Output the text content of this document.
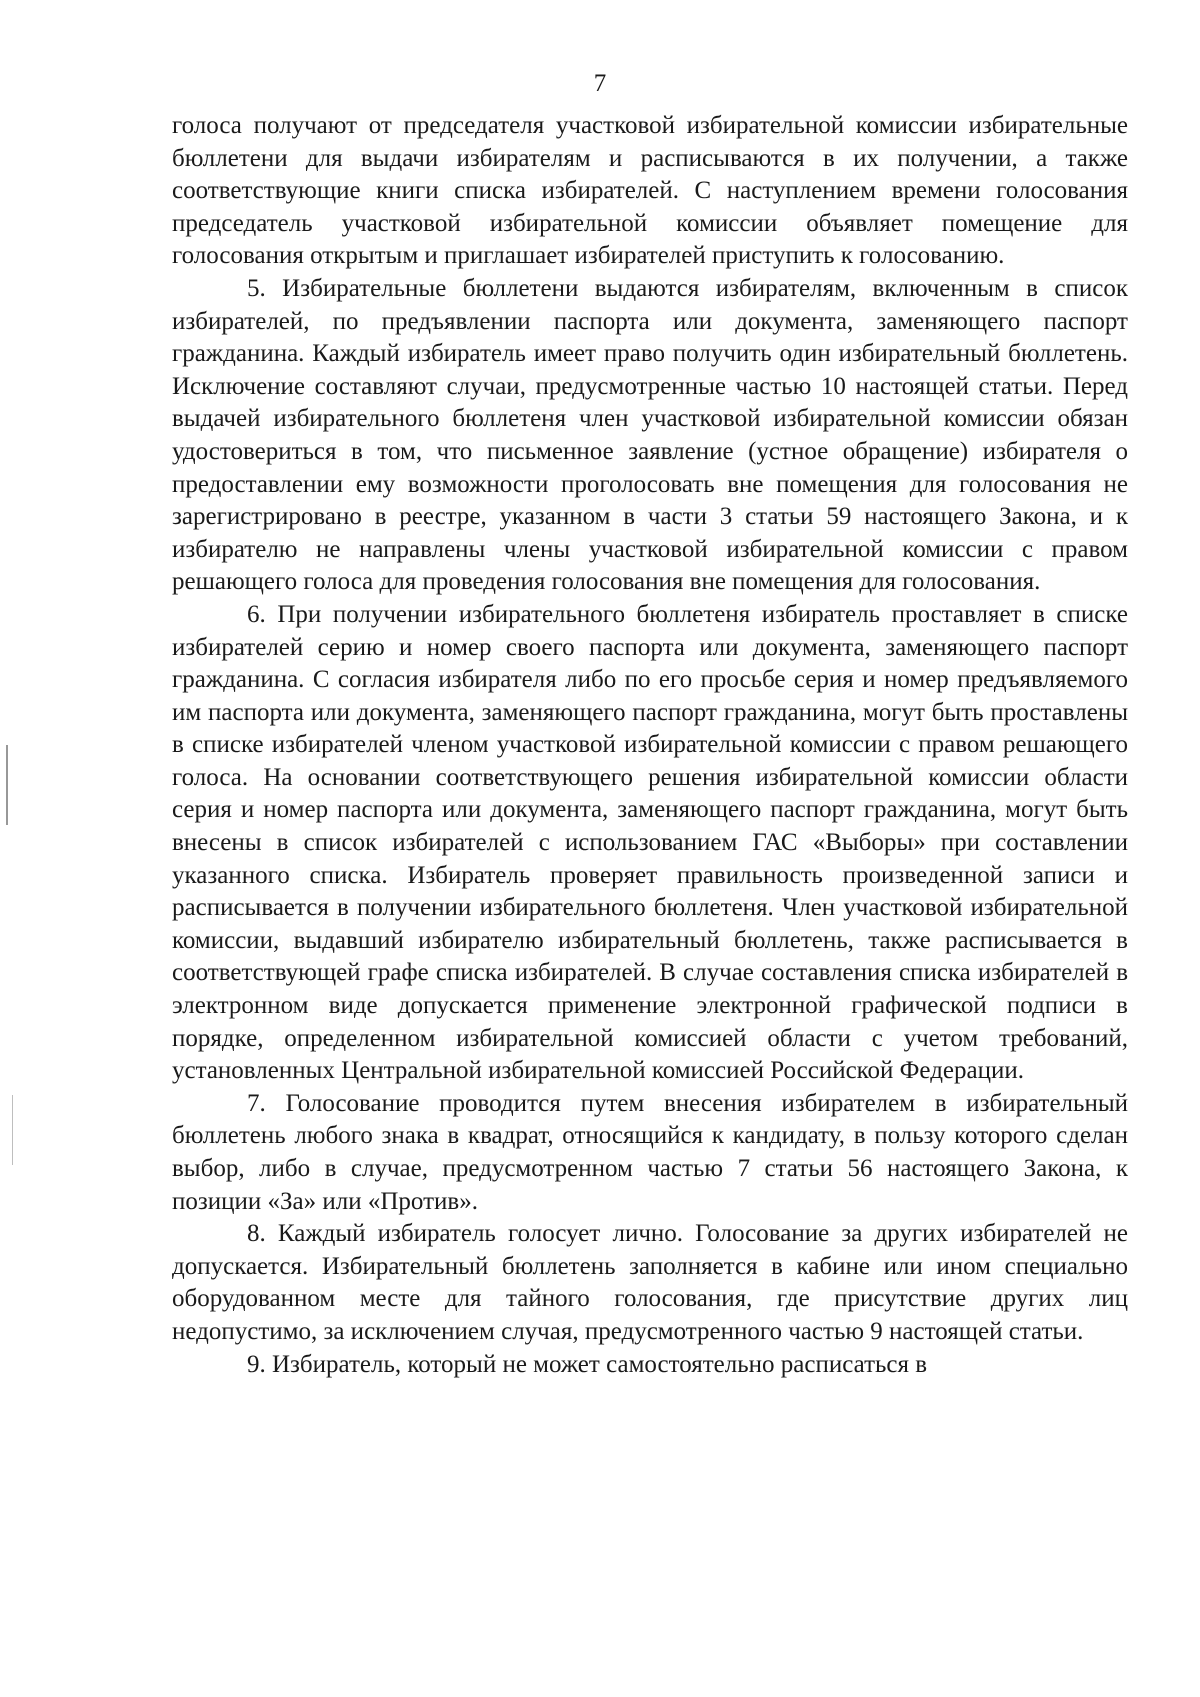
7

голоса получают от председателя участковой избирательной комиссии избирательные бюллетени для выдачи избирателям и расписываются в их получении, а также соответствующие книги списка избирателей. С наступлением времени голосования председатель участковой избирательной комиссии объявляет помещение для голосования открытым и приглашает избирателей приступить к голосованию.

5. Избирательные бюллетени выдаются избирателям, включенным в список избирателей, по предъявлении паспорта или документа, заменяющего паспорт гражданина. Каждый избиратель имеет право получить один избирательный бюллетень. Исключение составляют случаи, предусмотренные частью 10 настоящей статьи. Перед выдачей избирательного бюллетеня член участковой избирательной комиссии обязан удостовериться в том, что письменное заявление (устное обращение) избирателя о предоставлении ему возможности проголосовать вне помещения для голосования не зарегистрировано в реестре, указанном в части 3 статьи 59 настоящего Закона, и к избирателю не направлены члены участковой избирательной комиссии с правом решающего голоса для проведения голосования вне помещения для голосования.

6. При получении избирательного бюллетеня избиратель проставляет в списке избирателей серию и номер своего паспорта или документа, заменяющего паспорт гражданина. С согласия избирателя либо по его просьбе серия и номер предъявляемого им паспорта или документа, заменяющего паспорт гражданина, могут быть проставлены в списке избирателей членом участковой избирательной комиссии с правом решающего голоса. На основании соответствующего решения избирательной комиссии области серия и номер паспорта или документа, заменяющего паспорт гражданина, могут быть внесены в список избирателей с использованием ГАС «Выборы» при составлении указанного списка. Избиратель проверяет правильность произведенной записи и расписывается в получении избирательного бюллетеня. Член участковой избирательной комиссии, выдавший избирателю избирательный бюллетень, также расписывается в соответствующей графе списка избирателей. В случае составления списка избирателей в электронном виде допускается применение электронной графической подписи в порядке, определенном избирательной комиссией области с учетом требований, установленных Центральной избирательной комиссией Российской Федерации.

7. Голосование проводится путем внесения избирателем в избирательный бюллетень любого знака в квадрат, относящийся к кандидату, в пользу которого сделан выбор, либо в случае, предусмотренном частью 7 статьи 56 настоящего Закона, к позиции «За» или «Против».

8. Каждый избиратель голосует лично. Голосование за других избирателей не допускается. Избирательный бюллетень заполняется в кабине или ином специально оборудованном месте для тайного голосования, где присутствие других лиц недопустимо, за исключением случая, предусмотренного частью 9 настоящей статьи.

9. Избиратель, который не может самостоятельно расписаться в
